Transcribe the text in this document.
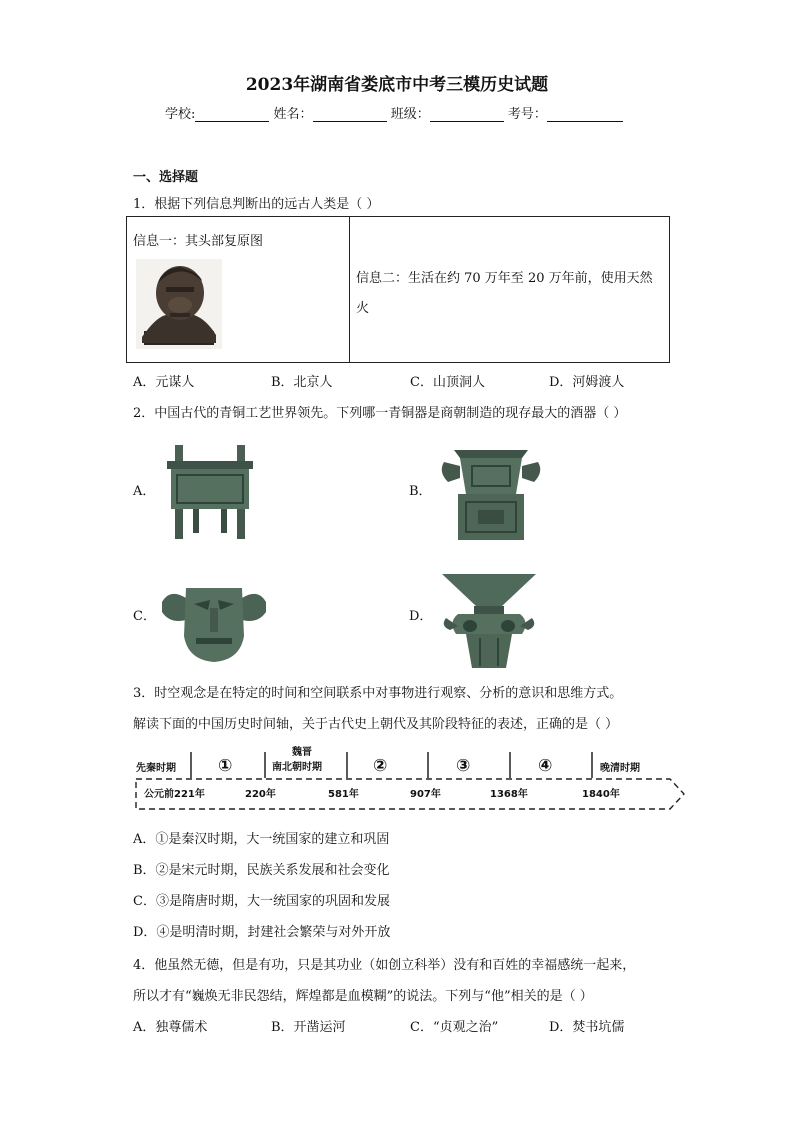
2023年湖南省娄底市中考三模历史试题
学校:	姓名：	班级：	考号：
一、选择题
1．根据下列信息判断出的远古人类是（ ）
信息一：其头部复原图
信息二：生活在约 70 万年至 20 万年前，使用天然
火
A．元谋人	B．北京人	C．山顶洞人	D．河姆渡人
2．中国古代的青铜工艺世界领先。下列哪一青铜器是商朝制造的现存最大的酒器（ ）
A．	B．
C．	D．
3．时空观念是在特定的时间和空间联系中对事物进行观察、分析的意识和思维方式。
解读下面的中国历史时间轴，关于古代史上朝代及其阶段特征的表述，正确的是（ ）
先秦时期 ①
魏晋
南北朝时期	②	③	④	晚清时期
公元前221年	220年	581年	907年	1368年	1840年
A．①是秦汉时期，大一统国家的建立和巩固
B．②是宋元时期，民族关系发展和社会变化
C．③是隋唐时期，大一统国家的巩固和发展
D．④是明清时期，封建社会繁荣与对外开放
4．他虽然无德，但是有功，只是其功业（如创立科举）没有和百姓的幸福感统一起来，
所以才有“巍焕无非民怨结，辉煌都是血模糊”的说法。下列与“他”相关的是（ ）
A．独尊儒术	B．开凿运河	C．“贞观之治”	D．焚书坑儒
